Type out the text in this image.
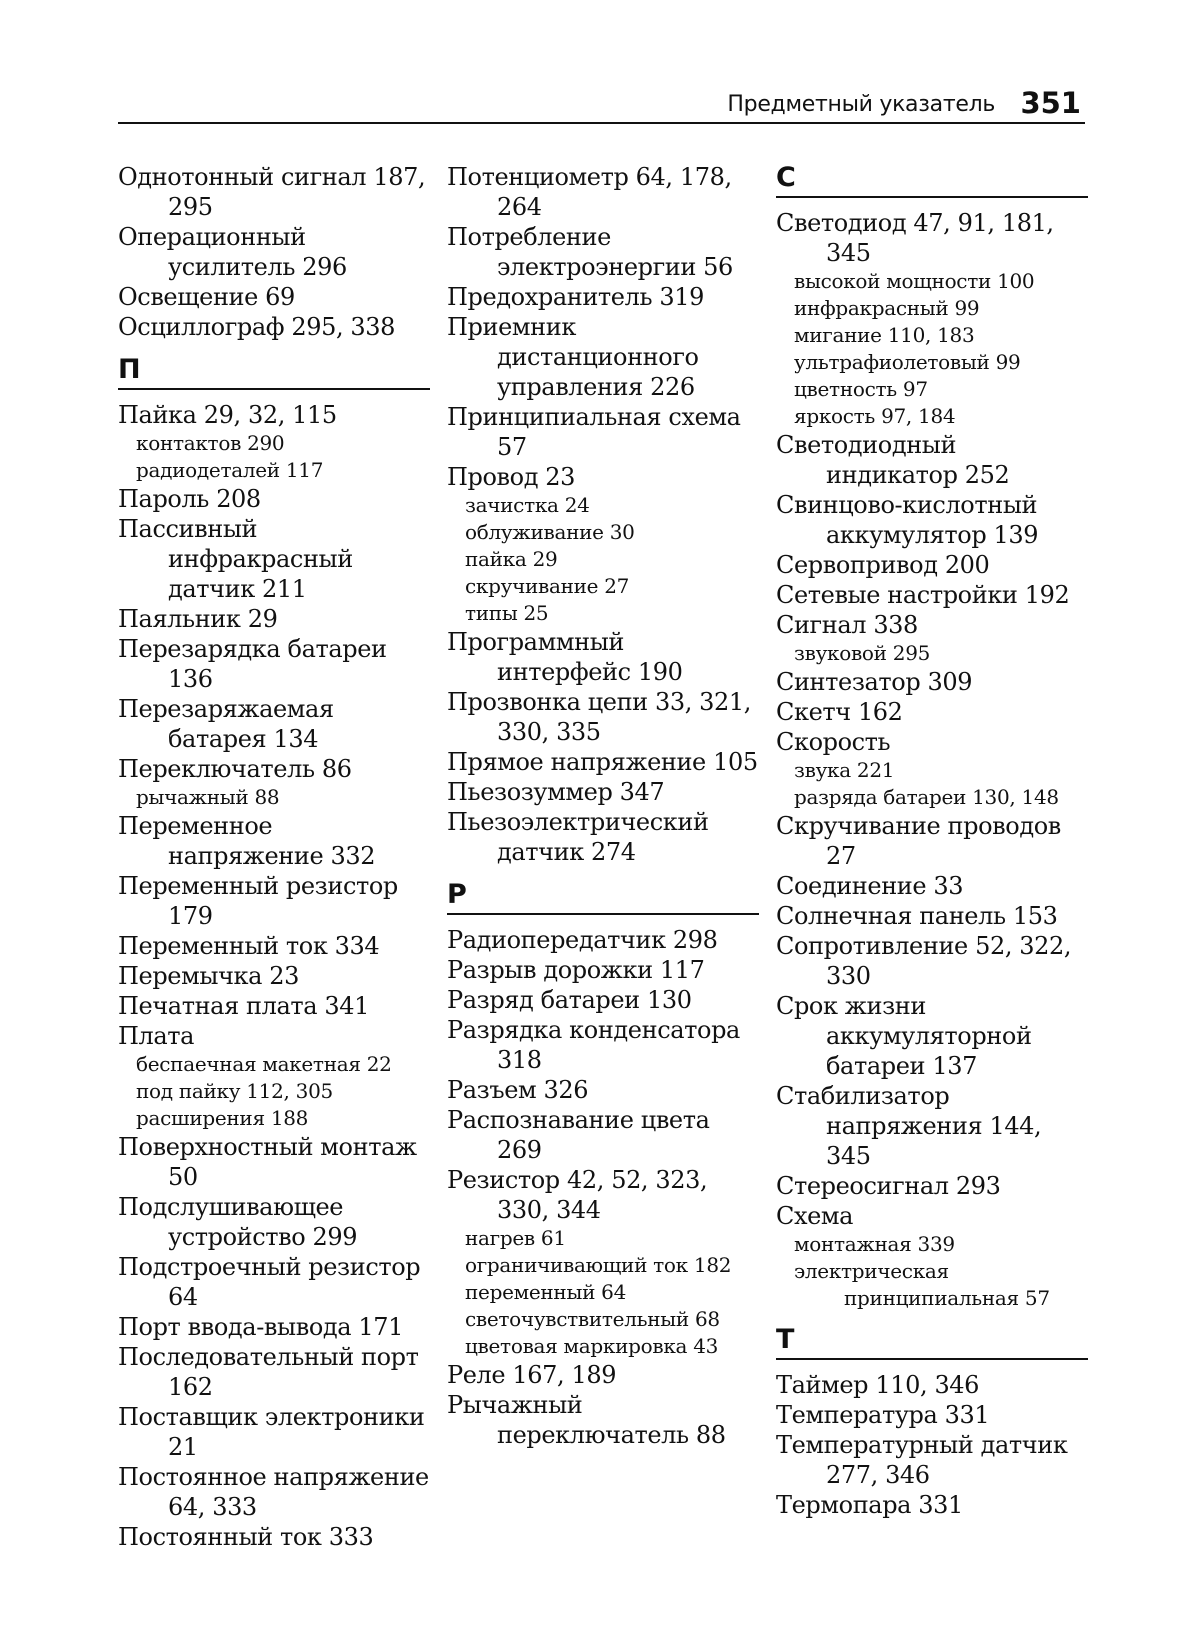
Предметный указатель 351
Однотонный сигнал 187, 295
Операционный усилитель 296
Освещение 69
Осциллограф 295, 338
П
Пайка 29, 32, 115
контактов 290
радиодеталей 117
Пароль 208
Пассивный инфракрасный датчик 211
Паяльник 29
Перезарядка батареи 136
Перезаряжаемая батарея 134
Переключатель 86
рычажный 88
Переменное напряжение 332
Переменный резистор 179
Переменный ток 334
Перемычка 23
Печатная плата 341
Плата
беспаечная макетная 22
под пайку 112, 305
расширения 188
Поверхностный монтаж 50
Подслушивающее устройство 299
Подстроечный резистор 64
Порт ввода-вывода 171
Последовательный порт 162
Поставщик электроники 21
Постоянное напряжение 64, 333
Постоянный ток 333
Потенциометр 64, 178, 264
Потребление электроэнергии 56
Предохранитель 319
Приемник дистанционного управления 226
Принципиальная схема 57
Провод 23
зачистка 24
облуживание 30
пайка 29
скручивание 27
типы 25
Программный интерфейс 190
Прозвонка цепи 33, 321, 330, 335
Прямое напряжение 105
Пьезозуммер 347
Пьезоэлектрический датчик 274
Р
Радиопередатчик 298
Разрыв дорожки 117
Разряд батареи 130
Разрядка конденсатора 318
Разъем 326
Распознавание цвета 269
Резистор 42, 52, 323, 330, 344
нагрев 61
ограничивающий ток 182
переменный 64
светочувствительный 68
цветовая маркировка 43
Реле 167, 189
Рычажный переключатель 88
С
Светодиод 47, 91, 181, 345
высокой мощности 100
инфракрасный 99
мигание 110, 183
ультрафиолетовый 99
цветность 97
яркость 97, 184
Светодиодный индикатор 252
Свинцово-кислотный аккумулятор 139
Сервопривод 200
Сетевые настройки 192
Сигнал 338
звуковой 295
Синтезатор 309
Скетч 162
Скорость
звука 221
разряда батареи 130, 148
Скручивание проводов 27
Соединение 33
Солнечная панель 153
Сопротивление 52, 322, 330
Срок жизни аккумуляторной батареи 137
Стабилизатор напряжения 144, 345
Стереосигнал 293
Схема
монтажная 339
электрическая принципиальная 57
Т
Таймер 110, 346
Температура 331
Температурный датчик 277, 346
Термопара 331
